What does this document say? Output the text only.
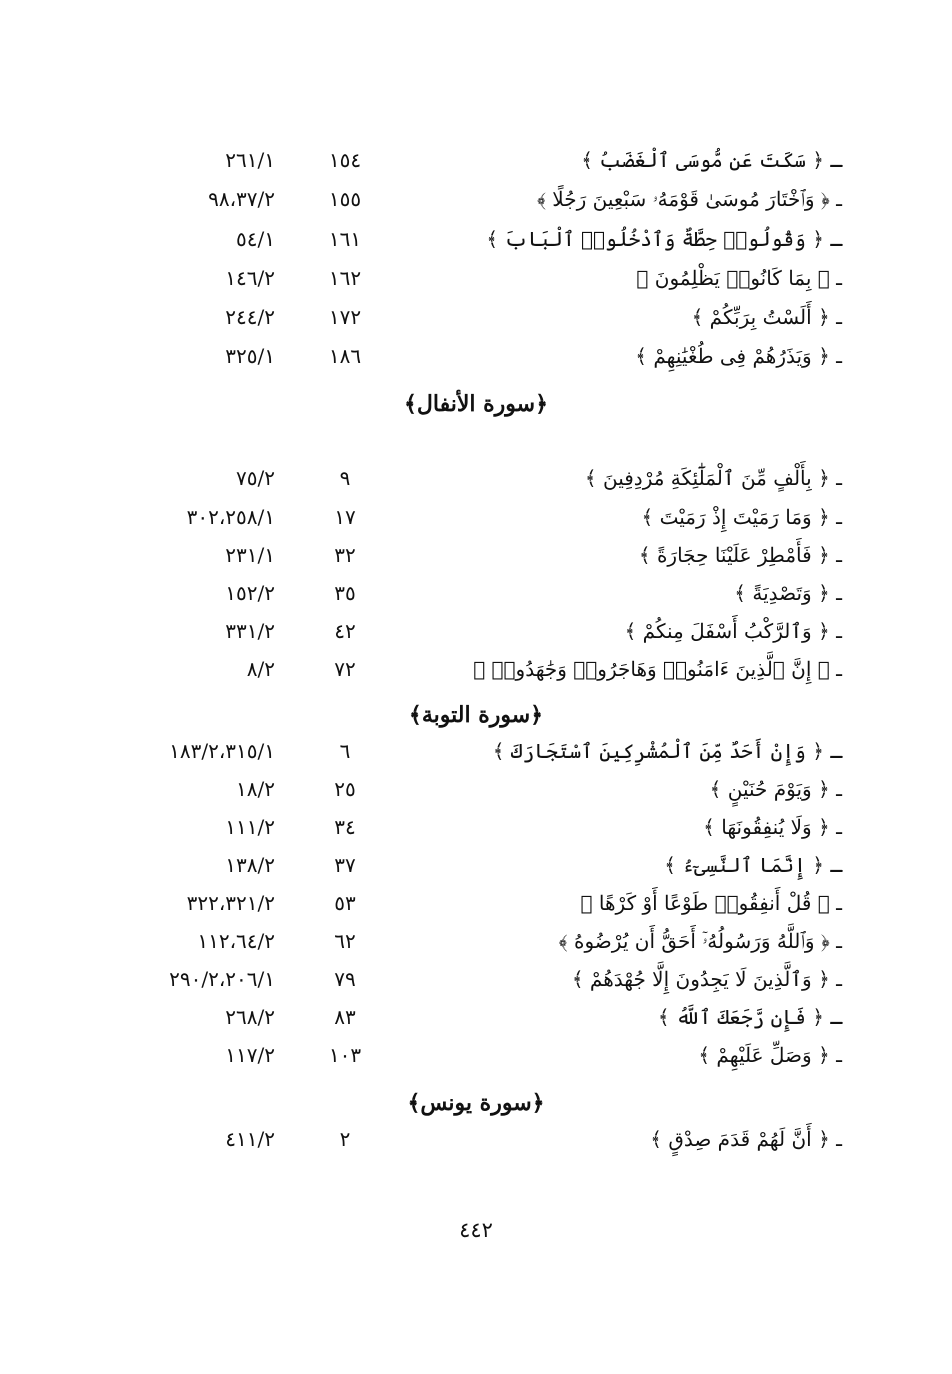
ـ ﴿ سَكَتَ عَن مُّوسَى ٱلْغَضَبُ ﴾
١٥٤
٢٦١/١
ـ ﴿ وَٱخْتَارَ مُوسَىٰ قَوْمَهُۥ سَبْعِينَ رَجُلًا ﴾
١٥٥
٩٨،٣٧/٢
ـ ﴿ وَقُولُوا۟ حِطَّةٌ وَٱدْخُلُوا۟ ٱلْبَابَ ﴾
١٦١
٥٤/١
ـ ﴿ بِمَا كَانُوا۟ يَظْلِمُونَ ﴾
١٦٢
١٤٦/٢
ـ ﴿ أَلَسْتُ بِرَبِّكُمْ ﴾
١٧٢
٢٤٤/٢
ـ ﴿ وَيَذَرُهُمْ فِى طُغْيَٰنِهِمْ ﴾
١٨٦
٣٢٥/١
﴿سورة الأنفال﴾
ـ ﴿ بِأَلْفٍ مِّنَ ٱلْمَلَٰٓئِكَةِ مُرْدِفِينَ ﴾
٩
٧٥/٢
ـ ﴿ وَمَا رَمَيْتَ إِذْ رَمَيْتَ ﴾
١٧
٣٠٢،٢٥٨/١
ـ ﴿ فَأَمْطِرْ عَلَيْنَا حِجَارَةً ﴾
٣٢
٢٣١/١
ـ ﴿ وَتَصْدِيَةً ﴾
٣٥
١٥٢/٢
ـ ﴿ وَٱلرَّكْبُ أَسْفَلَ مِنكُمْ ﴾
٤٢
٣٣١/٢
ـ ﴿ إِنَّ ٱلَّذِينَ ءَامَنُوا۟ وَهَاجَرُوا۟ وَجَٰهَدُوا۟ ﴾
٧٢
٨/٢
﴿سورة التوبة﴾
ـ ﴿ وَإِنْ أَحَدٌ مِّنَ ٱلْمُشْرِكِينَ ٱسْتَجَارَكَ ﴾
٦
١٨٣/٢،٣١٥/١
ـ ﴿ وَيَوْمَ حُنَيْنٍ ﴾
٢٥
١٨/٢
ـ ﴿ وَلَا يُنفِقُونَهَا ﴾
٣٤
١١١/٢
ـ ﴿ إِنَّمَا ٱلنَّسِىٓءُ ﴾
٣٧
١٣٨/٢
ـ ﴿ قُلْ أَنفِقُوا۟ طَوْعًا أَوْ كَرْهًا ﴾
٥٣
٣٢٢،٣٢١/٢
ـ ﴿ وَٱللَّهُ وَرَسُولُهُۥٓ أَحَقُّ أَن يُرْضُوهُ ﴾
٦٢
١١٢،٦٤/٢
ـ ﴿ وَٱلَّذِينَ لَا يَجِدُونَ إِلَّا جُهْدَهُمْ ﴾
٧٩
٢٩٠/٢،٢٠٦/١
ـ ﴿ فَإِن رَّجَعَكَ ٱللَّهُ ﴾
٨٣
٢٦٨/٢
ـ ﴿ وَصَلِّ عَلَيْهِمْ ﴾
١٠٣
١١٧/٢
﴿سورة يونس﴾
ـ ﴿ أَنَّ لَهُمْ قَدَمَ صِدْقٍ ﴾
٢
٤١١/٢
٤٤٢
